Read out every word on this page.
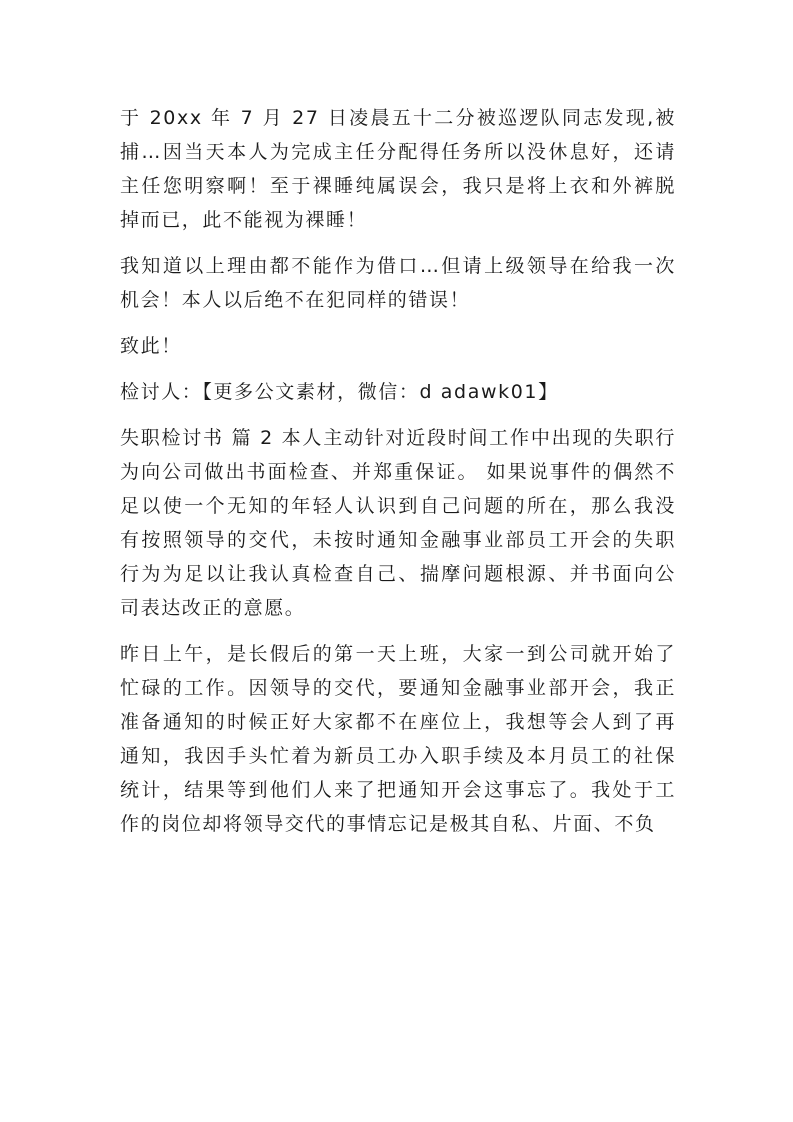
于 20xx 年 7 月 27 日凌晨五十二分被巡逻队同志发现,被捕…因当天本人为完成主任分配得任务所以没休息好，还请主任您明察啊！至于裸睡纯属误会，我只是将上衣和外裤脱掉而已，此不能视为裸睡！

我知道以上理由都不能作为借口…但请上级领导在给我一次机会！本人以后绝不在犯同样的错误！

致此！

检讨人：【更多公文素材，微信：d adawk01】

失职检讨书 篇 2 本人主动针对近段时间工作中出现的失职行为向公司做出书面检查、并郑重保证。 如果说事件的偶然不足以使一个无知的年轻人认识到自己问题的所在，那么我没有按照领导的交代，未按时通知金融事业部员工开会的失职行为为足以让我认真检查自己、揣摩问题根源、并书面向公司表达改正的意愿。

昨日上午，是长假后的第一天上班，大家一到公司就开始了忙碌的工作。因领导的交代，要通知金融事业部开会，我正准备通知的时候正好大家都不在座位上，我想等会人到了再通知，我因手头忙着为新员工办入职手续及本月员工的社保统计，结果等到他们人来了把通知开会这事忘了。我处于工作的岗位却将领导交代的事情忘记是极其自私、片面、不负
